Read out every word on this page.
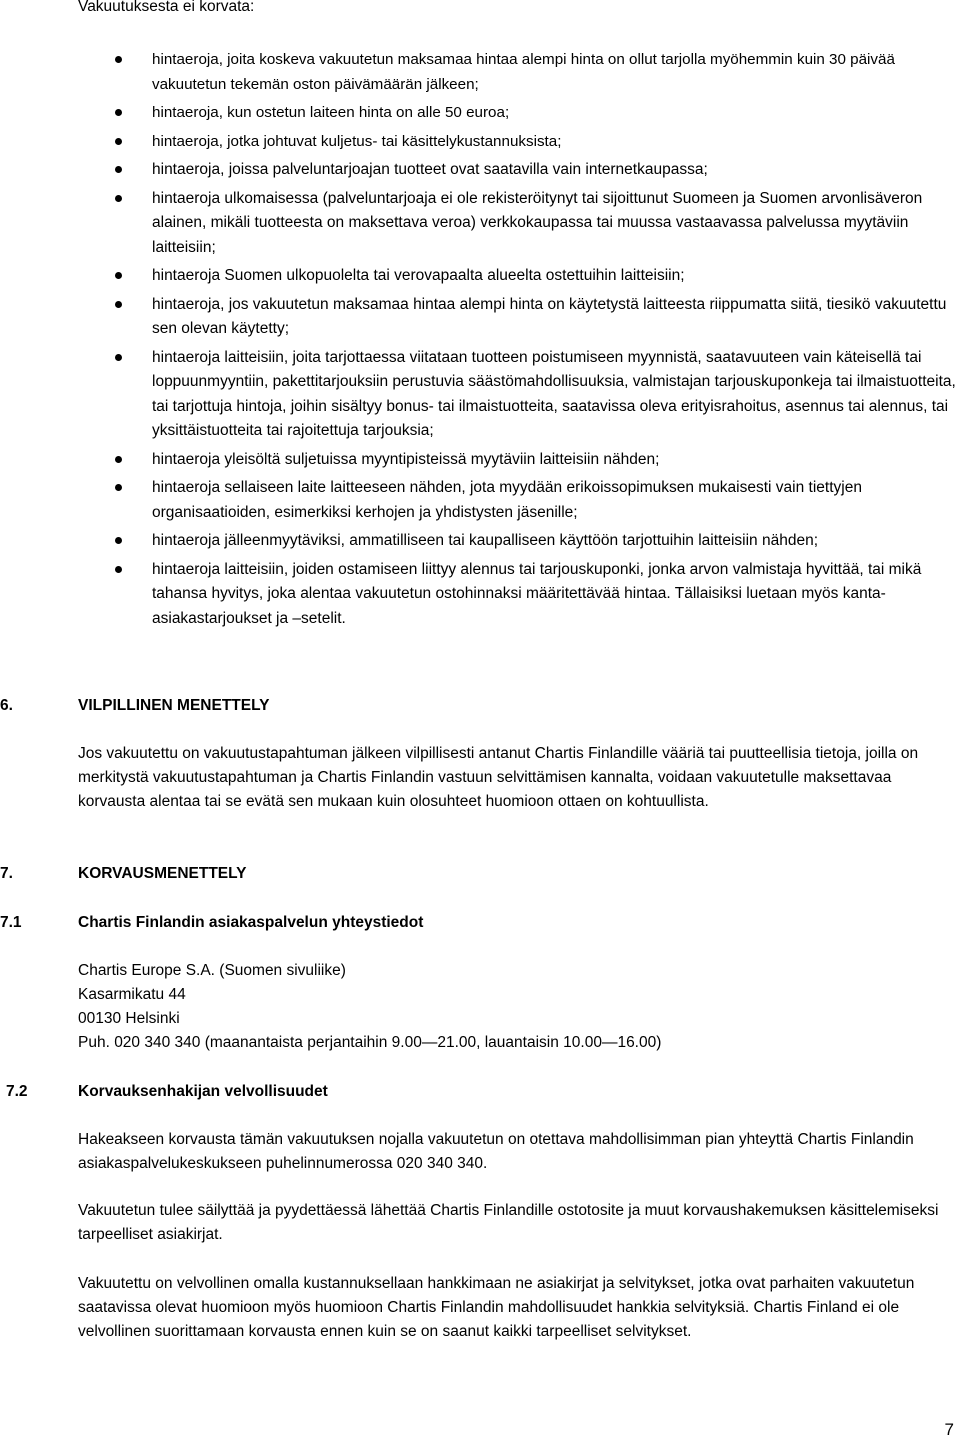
Vakuutuksesta ei korvata:
hintaeroja, joita koskeva vakuutetun maksamaa hintaa alempi hinta on ollut tarjolla myöhemmin kuin 30 päivää vakuutetun tekemän oston päivämäärän jälkeen;
hintaeroja, kun ostetun laiteen hinta on alle 50 euroa;
hintaeroja, jotka johtuvat kuljetus- tai käsittelykustannuksista;
hintaeroja, joissa palveluntarjoajan tuotteet ovat saatavilla vain internetkaupassa;
hintaeroja ulkomaisessa (palveluntarjoaja ei ole rekisteröitynyt tai sijoittunut Suomeen ja Suomen arvonlisäveron alainen, mikäli tuotteesta on maksettava veroa) verkkokaupassa tai muussa vastaavassa palvelussa myytäviin laitteisiin;
hintaeroja Suomen ulkopuolelta tai verovapaalta alueelta ostettuihin laitteisiin;
hintaeroja, jos vakuutetun maksamaa hintaa alempi hinta on käytetystä laitteesta riippumatta siitä, tiesikö vakuutettu sen olevan käytetty;
hintaeroja laitteisiin, joita tarjottaessa viitataan tuotteen poistumiseen myynnistä, saatavuuteen vain käteisellä tai loppuunmyyntiin, pakettitarjouksiin perustuvia säästömahdollisuuksia, valmistajan tarjouskuponkeja tai ilmaistuotteita, tai tarjottuja hintoja, joihin sisältyy bonus- tai ilmaistuotteita, saatavissa oleva erityisrahoitus, asennus tai alennus, tai yksittäistuotteita tai rajoitettuja tarjouksia;
hintaeroja yleisöltä suljetuissa myyntipisteissä myytäviin laitteisiin nähden;
hintaeroja sellaiseen laite laitteeseen nähden, jota myydään erikoissopimuksen mukaisesti vain tiettyjen organisaatioiden, esimerkiksi kerhojen ja yhdistysten jäsenille;
hintaeroja jälleenmyytäviksi, ammatilliseen tai kaupalliseen käyttöön tarjottuihin laitteisiin nähden;
hintaeroja laitteisiin, joiden ostamiseen liittyy alennus tai tarjouskuponki, jonka arvon valmistaja hyvittää, tai mikä tahansa hyvitys, joka alentaa vakuutetun ostohinnaksi määritettävää hintaa. Tällaisiksi luetaan myös kanta-asiakastarjoukset ja –setelit.
6.	VILPILLINEN MENETTELY
Jos vakuutettu on vakuutustapahtuman jälkeen vilpillisesti antanut Chartis Finlandille vääriä tai puutteellisia tietoja, joilla on merkitystä vakuutustapahtuman ja Chartis Finlandin vastuun selvittämisen kannalta, voidaan vakuutetulle maksettavaa korvausta alentaa tai se evätä sen mukaan kuin olosuhteet huomioon ottaen on kohtuullista.
7.	KORVAUSMENETTELY
7.1	Chartis Finlandin asiakaspalvelun yhteystiedot
Chartis Europe S.A. (Suomen sivuliike)
Kasarmikatu 44
00130 Helsinki
Puh. 020 340 340 (maanantaista perjantaihin 9.00—21.00, lauantaisin 10.00—16.00)
7.2	Korvauksenhakijan velvollisuudet
Hakeakseen korvausta tämän vakuutuksen nojalla vakuutetun on otettava mahdollisimman pian yhteyttä Chartis Finlandin asiakaspalvelukeskukseen puhelinnumerossa 020 340 340.
Vakuutetun tulee säilyttää ja pyydettäessä lähettää Chartis Finlandille ostotosite ja muut korvaushakemuksen käsittelemiseksi tarpeelliset asiakirjat.
Vakuutettu on velvollinen omalla kustannuksellaan hankkimaan ne asiakirjat ja selvitykset, jotka ovat parhaiten vakuutetun saatavissa olevat huomioon myös huomioon Chartis Finlandin mahdollisuudet hankkia selvityksiä. Chartis Finland ei ole velvollinen suorittamaan korvausta ennen kuin se on saanut kaikki tarpeelliset selvitykset.
7
